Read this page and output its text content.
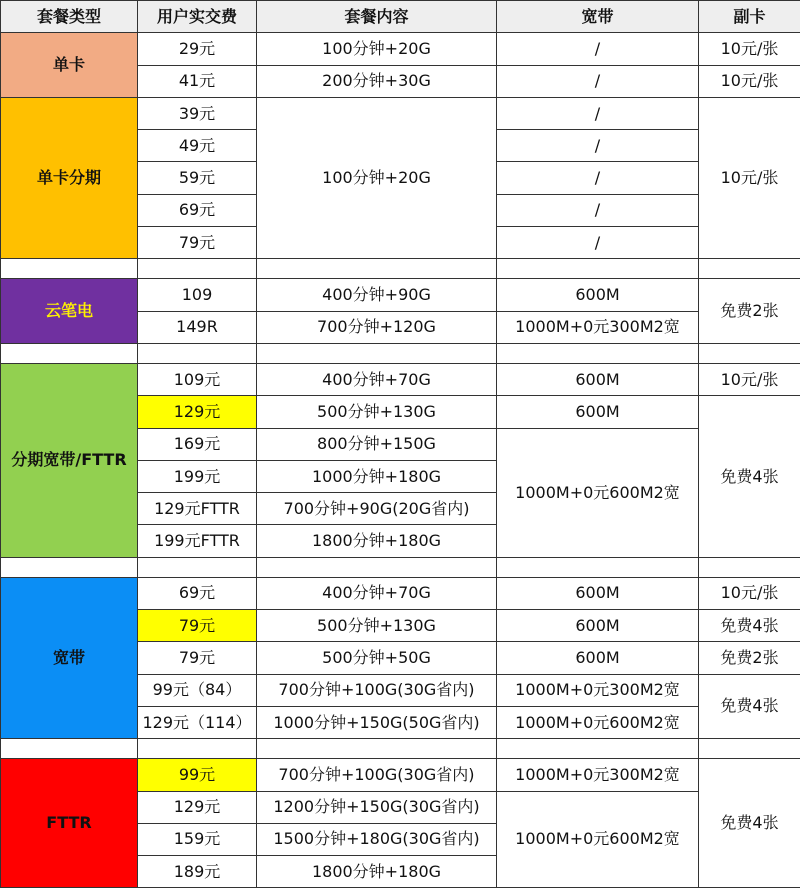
套餐类型	用户实交费	套餐内容	宽带	副卡
单卡	29元	100分钟+20G	/	10元/张
	41元	200分钟+30G	/	10元/张
单卡分期	39元	100分钟+20G	/	10元/张
	49元		/	
	59元		/	
	69元		/	
	79元		/	

云笔电	109	400分钟+90G	600M	免费2张
	149R	700分钟+120G	1000M+0元300M2宽	

分期宽带/FTTR	109元	400分钟+70G	600M	10元/张
	129元	500分钟+130G	600M	免费4张
	169元	800分钟+150G	1000M+0元600M2宽	
	199元	1000分钟+180G		
	129元FTTR	700分钟+90G(20G省内)		
	199元FTTR	1800分钟+180G		

宽带	69元	400分钟+70G	600M	10元/张
	79元	500分钟+130G	600M	免费4张
	79元	500分钟+50G	600M	免费2张
	99元（84）	700分钟+100G(30G省内)	1000M+0元300M2宽	免费4张
	129元（114）	1000分钟+150G(50G省内)	1000M+0元600M2宽	

FTTR	99元	700分钟+100G(30G省内)	1000M+0元300M2宽	免费4张
	129元	1200分钟+150G(30G省内)	1000M+0元600M2宽	
	159元	1500分钟+180G(30G省内)		
	189元	1800分钟+180G		
